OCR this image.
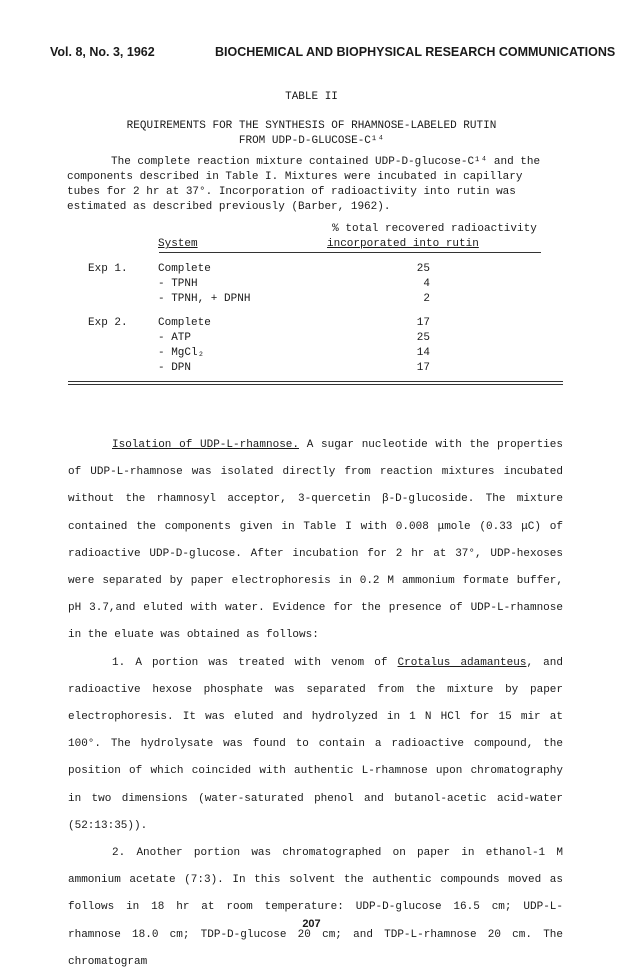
Vol. 8, No. 3, 1962	BIOCHEMICAL AND BIOPHYSICAL RESEARCH COMMUNICATIONS
TABLE II
REQUIREMENTS FOR THE SYNTHESIS OF RHAMNOSE-LABELED RUTIN
FROM UDP-D-GLUCOSE-C¹⁴
The complete reaction mixture contained UDP-D-glucose-C¹⁴ and the components described in Table I. Mixtures were incubated in capillary tubes for 2 hr at 37°. Incorporation of radioactivity into rutin was estimated as described previously (Barber, 1962).
% total recovered radioactivity
System	incorporated into rutin
Exp 1.	Complete	25
- TPNH	4
- TPNH, + DPNH	2
Exp 2.	Complete	17
- ATP	25
- MgCl₂	14
- DPN	17

Isolation of UDP-L-rhamnose. A sugar nucleotide with the properties of UDP-L-rhamnose was isolated directly from reaction mixtures incubated without the rhamnosyl acceptor, 3-quercetin β-D-glucoside. The mixture contained the components given in Table I with 0.008 μmole (0.33 μC) of radioactive UDP-D-glucose. After incubation for 2 hr at 37°, UDP-hexoses were separated by paper electrophoresis in 0.2 M ammonium formate buffer, pH 3.7,and eluted with water. Evidence for the presence of UDP-L-rhamnose in the eluate was obtained as follows:

1. A portion was treated with venom of Crotalus adamanteus, and radioactive hexose phosphate was separated from the mixture by paper electrophoresis. It was eluted and hydrolyzed in 1 N HCl for 15 mir at 100°. The hydrolysate was found to contain a radioactive compound, the position of which coincided with authentic L-rhamnose upon chromatography in two dimensions (water-saturated phenol and butanol-acetic acid-water (52:13:35)).

2. Another portion was chromatographed on paper in ethanol-1 M ammonium acetate (7:3). In this solvent the authentic compounds moved as follows in 18 hr at room temperature: UDP-D-glucose 16.5 cm; UDP-L-rhamnose 18.0 cm; TDP-D-glucose 20 cm; and TDP-L-rhamnose 20 cm. The chromatogram

207
